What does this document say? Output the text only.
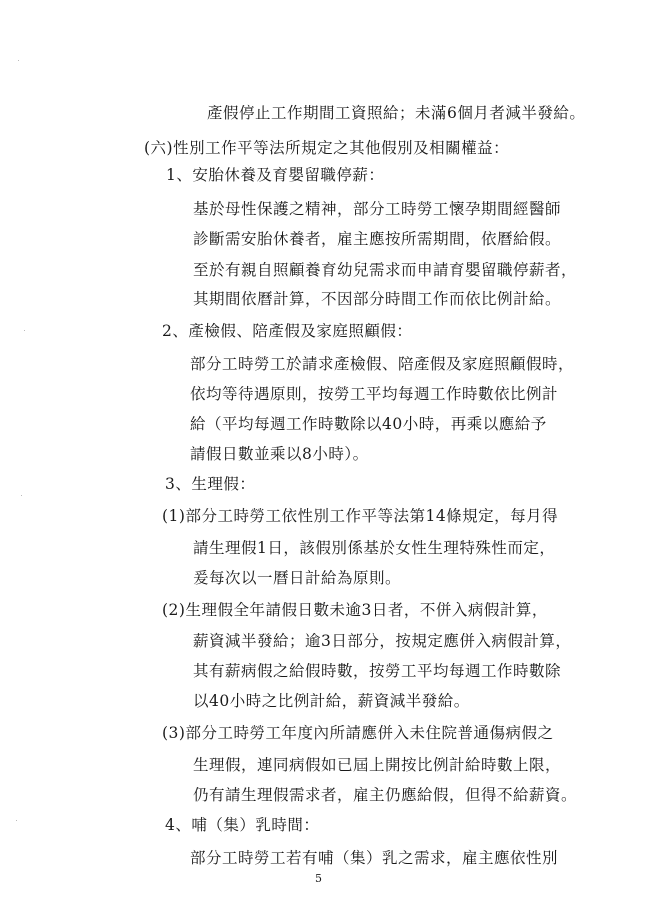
產假停止工作期間工資照給；未滿6個月者減半發給。
(六)性別工作平等法所規定之其他假別及相關權益：
1、安胎休養及育嬰留職停薪：
基於母性保護之精神，部分工時勞工懷孕期間經醫師
診斷需安胎休養者，雇主應按所需期間，依曆給假。
至於有親自照顧養育幼兒需求而申請育嬰留職停薪者，
其期間依曆計算，不因部分時間工作而依比例計給。
2、產檢假、陪產假及家庭照顧假：
部分工時勞工於請求產檢假、陪產假及家庭照顧假時，
依均等待遇原則，按勞工平均每週工作時數依比例計
給（平均每週工作時數除以40小時，再乘以應給予
請假日數並乘以8小時）。
3、生理假：
(1)部分工時勞工依性別工作平等法第14條規定，每月得
請生理假1日，該假別係基於女性生理特殊性而定，
爰每次以一曆日計給為原則。
(2)生理假全年請假日數未逾3日者，不併入病假計算，
薪資減半發給；逾3日部分，按規定應併入病假計算，
其有薪病假之給假時數，按勞工平均每週工作時數除
以40小時之比例計給，薪資減半發給。
(3)部分工時勞工年度內所請應併入未住院普通傷病假之
生理假，連同病假如已屆上開按比例計給時數上限，
仍有請生理假需求者，雇主仍應給假，但得不給薪資。
4、哺（集）乳時間：
部分工時勞工若有哺（集）乳之需求，雇主應依性別
5
